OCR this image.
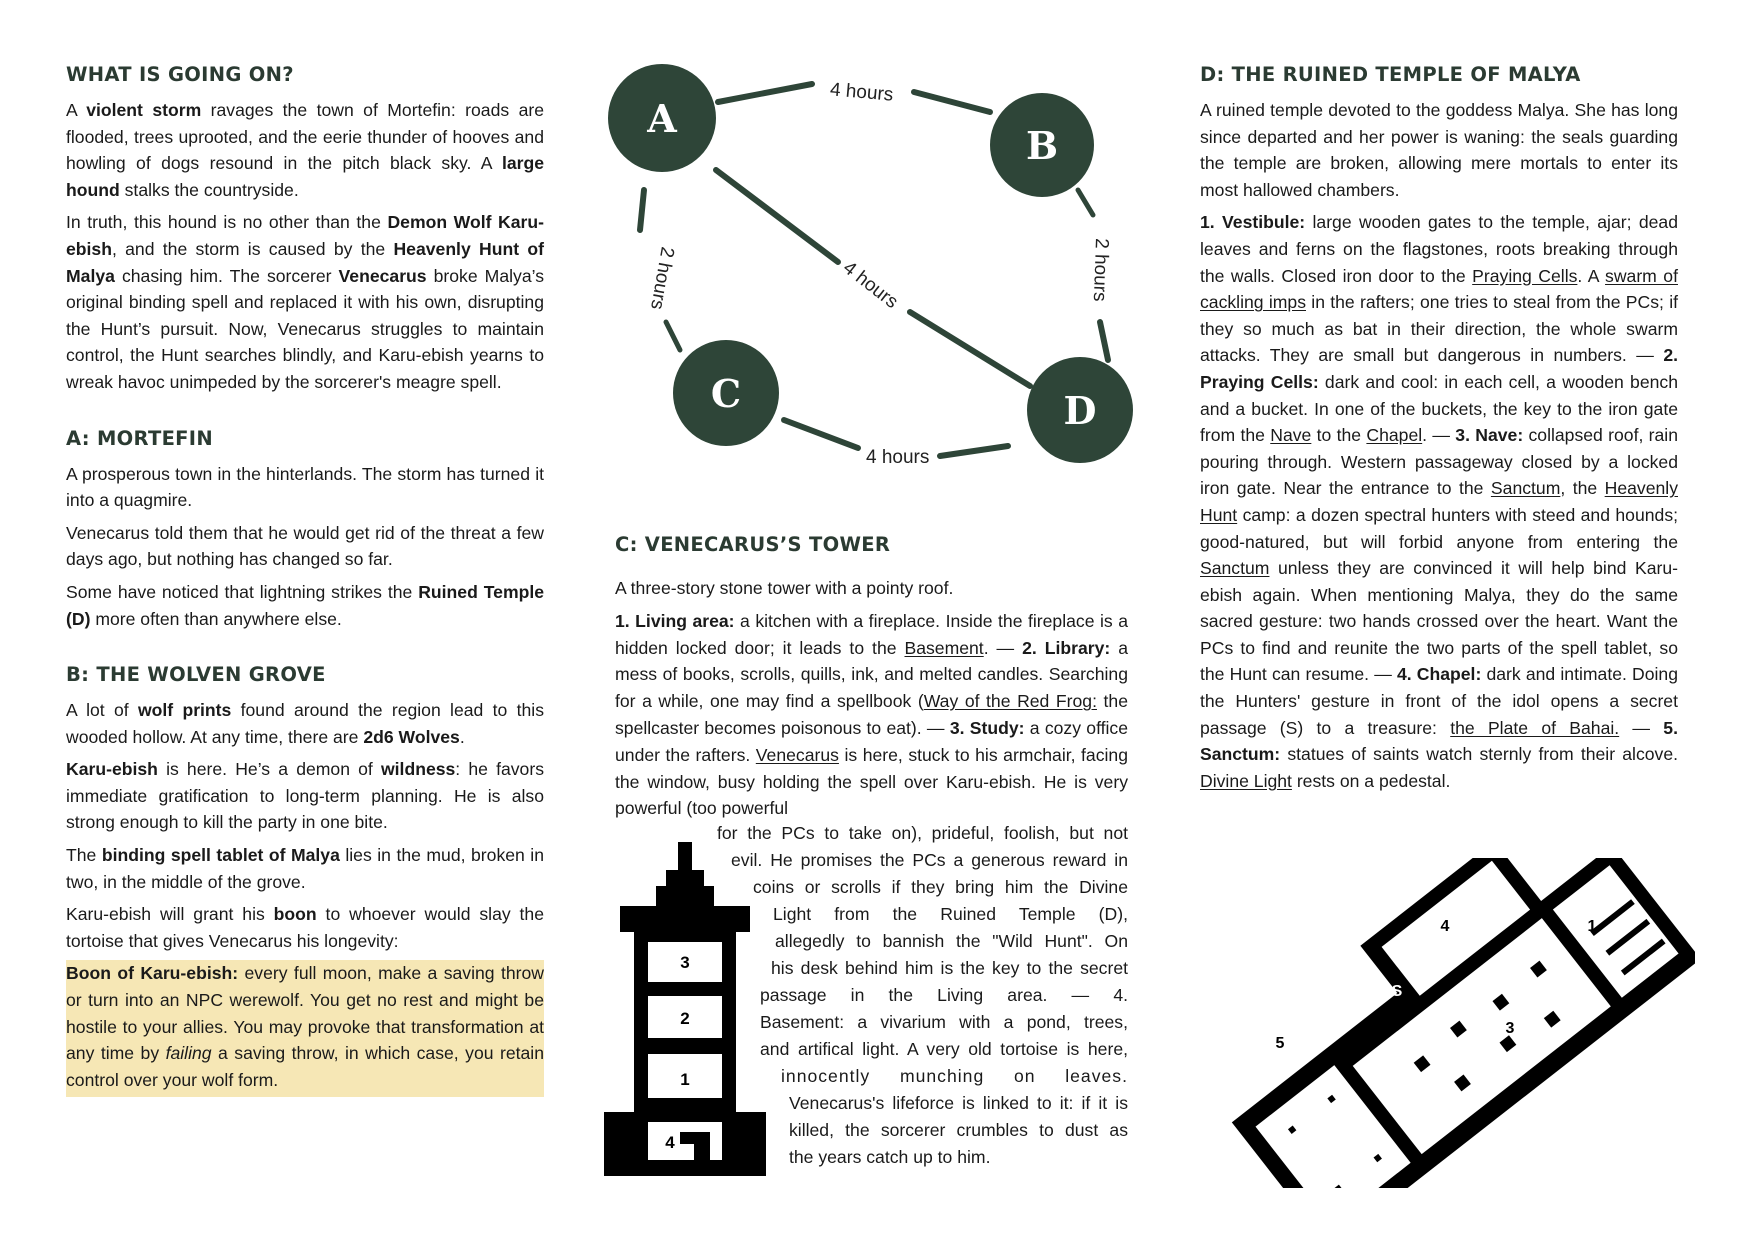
WHAT IS GOING ON?

A violent storm ravages the town of Mortefin: roads are flooded, trees uprooted, and the eerie thunder of hooves and howling of dogs resound in the pitch black sky. A large hound stalks the countryside.

In truth, this hound is no other than the Demon Wolf Karu-ebish, and the storm is caused by the Heavenly Hunt of Malya chasing him. The sorcerer Venecarus broke Malya’s original binding spell and replaced it with his own, disrupting the Hunt’s pursuit. Now, Venecarus struggles to maintain control, the Hunt searches blindly, and Karu-ebish yearns to wreak havoc unimpeded by the sorcerer's meagre spell.

A: MORTEFIN

A prosperous town in the hinterlands. The storm has turned it into a quagmire.

Venecarus told them that he would get rid of the threat a few days ago, but nothing has changed so far.

Some have noticed that lightning strikes the Ruined Temple (D) more often than anywhere else.

B: THE WOLVEN GROVE

A lot of wolf prints found around the region lead to this wooded hollow. At any time, there are 2d6 Wolves.

Karu-ebish is here. He’s a demon of wildness: he favors immediate gratification to long-term planning. He is also strong enough to kill the party in one bite.

The binding spell tablet of Malya lies in the mud, broken in two, in the middle of the grove.

Karu-ebish will grant his boon to whoever would slay the tortoise that gives Venecarus his longevity:

Boon of Karu-ebish: every full moon, make a saving throw or turn into an NPC werewolf. You get no rest and might be hostile to your allies. You may provoke that transformation at any time by failing a saving throw, in which case, you retain control over your wolf form.

4 hours
2 hours
4 hours
2 hours
4 hours
A
B
C	D
C: VENECARUS’S TOWER

A three-story stone tower with a pointy roof.

1. Living area: a kitchen with a fireplace. Inside the fireplace is a hidden locked door; it leads to the Basement. — 2. Library: a mess of books, scrolls, quills, ink, and melted candles. Searching for a while, one may find a spellbook (Way of the Red Frog: the spellcaster becomes poisonous to eat). — 3. Study: a cozy office under the rafters. Venecarus is here, stuck to his armchair, facing the window, busy holding the spell over Karu-ebish. He is very powerful (too powerful

for the PCs to take on), prideful, foolish, but not
evil. He promises the PCs a generous reward in
coins or scrolls if they bring him the Divine
Light from the Ruined Temple (D),
allegedly to bannish the "Wild Hunt". On
his desk behind him is the key to the secret
passage in the Living area. — 4.
Basement: a vivarium with a pond, trees,
and artifical light. A very old tortoise is here,
innocently munching on leaves.
Venecarus's lifeforce is linked to it: if it is
killed, the sorcerer crumbles to dust as
the years catch up to him.
3
2
1
4
D: THE RUINED TEMPLE OF MALYA

A ruined temple devoted to the goddess Malya. She has long since departed and her power is waning: the seals guarding the temple are broken, allowing mere mortals to enter its most hallowed chambers.

1. Vestibule: large wooden gates to the temple, ajar; dead leaves and ferns on the flagstones, roots breaking through the walls. Closed iron door to the Praying Cells. A swarm of cackling imps in the rafters; one tries to steal from the PCs; if they so much as bat in their direction, the whole swarm attacks. They are small but dangerous in numbers. — 2. Praying Cells: dark and cool: in each cell, a wooden bench and a bucket. In one of the buckets, the key to the iron gate from the Nave to the Chapel. — 3. Nave: collapsed roof, rain pouring through. Western passageway closed by a locked iron gate. Near the entrance to the Sanctum, the Heavenly Hunt camp: a dozen spectral hunters with steed and hounds; good-natured, but will forbid anyone from entering the Sanctum unless they are convinced it will help bind Karu-ebish again. When mentioning Malya, they do the same sacred gesture: two hands crossed over the heart. Want the PCs to find and reunite the two parts of the spell tablet, so the Hunt can resume. — 4. Chapel: dark and intimate. Doing the Hunters' gesture in front of the idol opens a secret passage (S) to a treasure: the Plate of Bahai. — 5. Sanctum: statues of saints watch sternly from their alcove. Divine Light rests on a pedestal.

4	1
3
5
S
2
